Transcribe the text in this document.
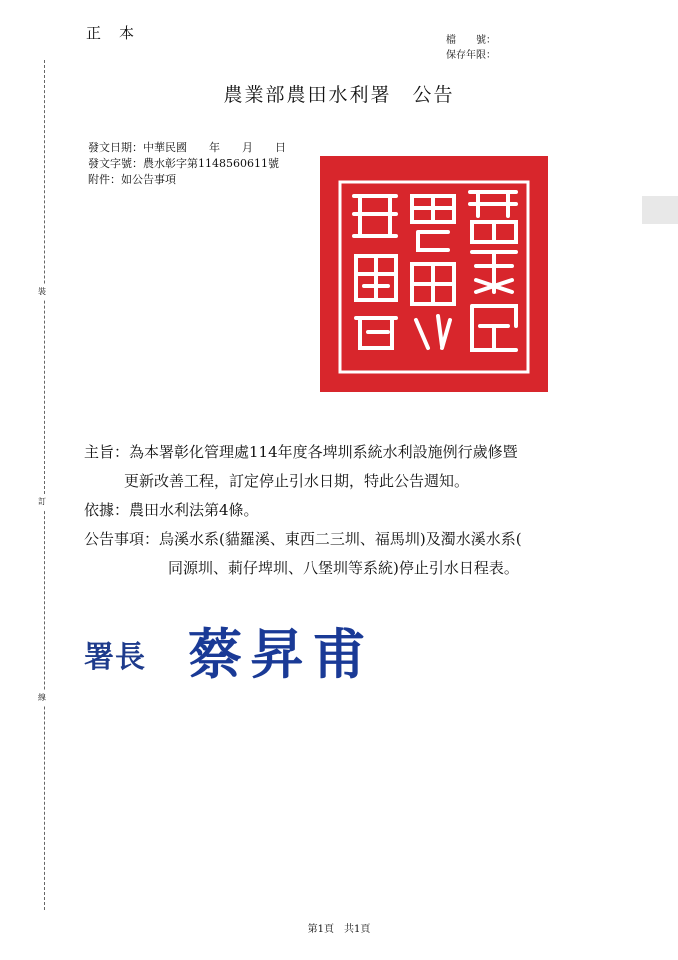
正本	檔　　號：
保存年限：
農業部農田水利署　公告
裝
訂
線
發文日期：中華民國　　年　　月　　日
發文字號：農水彰字第1148560611號
附件：如公告事項
主旨：為本署彰化管理處114年度各埤圳系統水利設施例行歲修暨
更新改善工程，訂定停止引水日期，特此公告週知。
依據：農田水利法第4條。
公告事項：烏溪水系(貓羅溪、東西二三圳、福馬圳)及濁水溪水系(
同源圳、莿仔埤圳、八堡圳等系統)停止引水日程表。
署長 蔡昇甫
第1頁　共1頁
